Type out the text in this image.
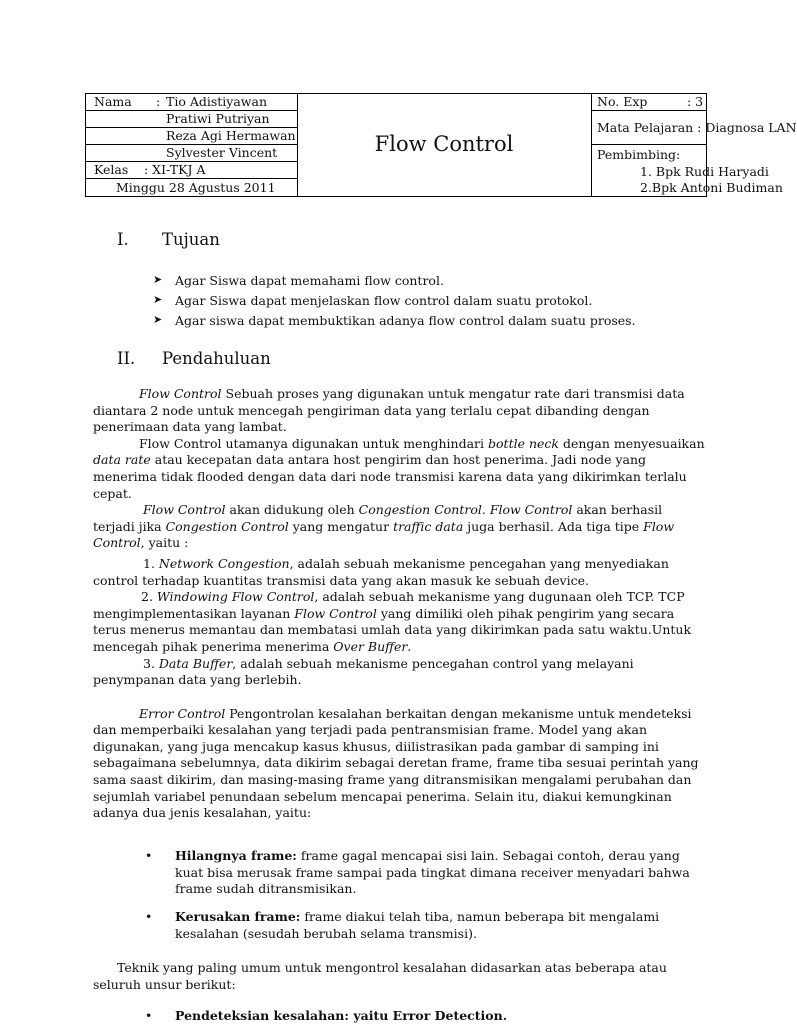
Nama : Tio Adistiyawan
Pratiwi Putriyan
Reza Agi Hermawan
Sylvester Vincent
Kelas : XI-TKJ A
Minggu 28 Agustus 2011
Flow Control
No. Exp	: 3
Mata Pelajaran : Diagnosa LAN
Pembimbing:
1. Bpk Rudi Haryadi
2.Bpk Antoni Budiman
I. Tujuan
➤ Agar Siswa dapat memahami flow control.
➤ Agar Siswa dapat menjelaskan flow control dalam suatu protokol.
➤ Agar siswa dapat membuktikan adanya flow control dalam suatu proses.
II. Pendahuluan

Flow Control Sebuah proses yang digunakan untuk mengatur rate dari transmisi data diantara 2 node untuk mencegah pengiriman data yang terlalu cepat dibanding dengan penerimaan data yang lambat.

Flow Control utamanya digunakan untuk menghindari bottle neck dengan menyesuaikan data rate atau kecepatan data antara host pengirim dan host penerima. Jadi node yang menerima tidak flooded dengan data dari node transmisi karena data yang dikirimkan terlalu cepat.

Flow Control akan didukung oleh Congestion Control. Flow Control akan berhasil terjadi jika Congestion Control yang mengatur traffic data juga berhasil. Ada tiga tipe Flow Control, yaitu :

1. Network Congestion, adalah sebuah mekanisme pencegahan yang menyediakan control terhadap kuantitas transmisi data yang akan masuk ke sebuah device.

2. Windowing Flow Control, adalah sebuah mekanisme yang dugunaan oleh TCP. TCP mengimplementasikan layanan Flow Control yang dimiliki oleh pihak pengirim yang secara terus menerus memantau dan membatasi umlah data yang dikirimkan pada satu waktu.Untuk mencegah pihak penerima menerima Over Buffer.

3. Data Buffer, adalah sebuah mekanisme pencegahan control yang melayani penympanan data yang berlebih.

Error Control Pengontrolan kesalahan berkaitan dengan mekanisme untuk mendeteksi dan memperbaiki kesalahan yang terjadi pada pentransmisian frame. Model yang akan digunakan, yang juga mencakup kasus khusus, diilistrasikan pada gambar di samping ini sebagaimana sebelumnya, data dikirim sebagai deretan frame, frame tiba sesuai perintah yang sama saast dikirim, dan masing-masing frame yang ditransmisikan mengalami perubahan dan sejumlah variabel penundaan sebelum mencapai penerima. Selain itu, diakui kemungkinan adanya dua jenis kesalahan, yaitu:

• Hilangnya frame: frame gagal mencapai sisi lain. Sebagai contoh, derau yang kuat bisa merusak frame sampai pada tingkat dimana receiver menyadari bahwa frame sudah ditransmisikan.
• Kerusakan frame: frame diakui telah tiba, namun beberapa bit mengalami kesalahan (sesudah berubah selama transmisi).

Teknik yang paling umum untuk mengontrol kesalahan didasarkan atas beberapa atau seluruh unsur berikut:

• Pendeteksian kesalahan: yaitu Error Detection.
